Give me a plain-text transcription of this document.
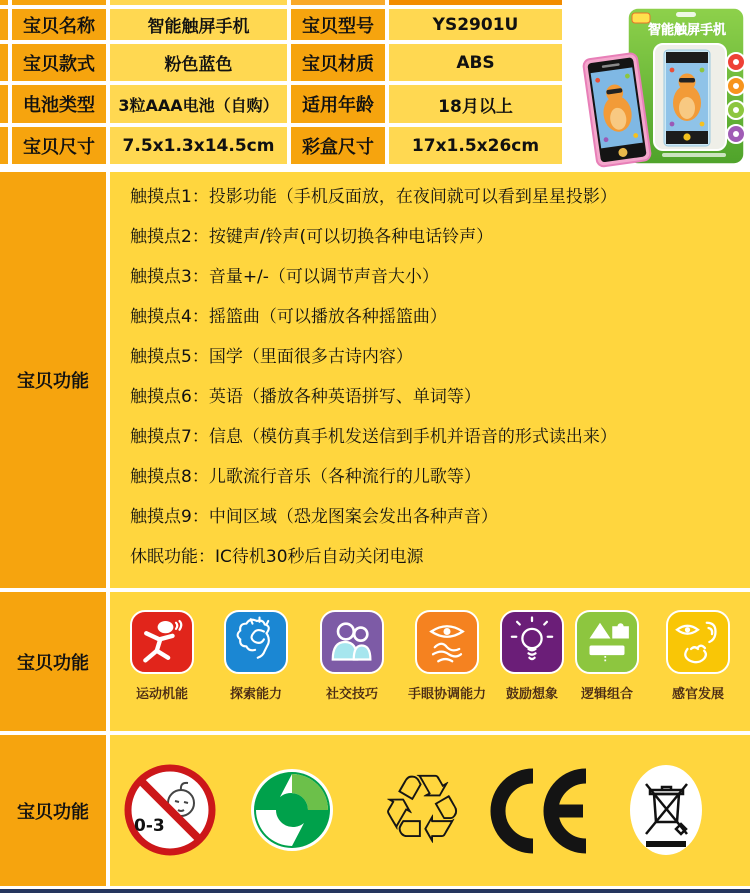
宝贝名称	智能触屏手机	宝贝型号	YS2901U
宝贝款式	粉色蓝色	宝贝材质	ABS
电池类型	3粒AAA电池（自购）	适用年龄	18月以上
宝贝尺寸	7.5x1.3x14.5cm	彩盒尺寸	17x1.5x26cm
智能触屏手机
宝贝功能
触摸点1：投影功能（手机反面放，在夜间就可以看到星星投影）
触摸点2：按键声/铃声(可以切换各种电话铃声）
触摸点3：音量+/-（可以调节声音大小）
触摸点4：摇篮曲（可以播放各种摇篮曲）
触摸点5：国学（里面很多古诗内容）
触摸点6：英语（播放各种英语拼写、单词等）
触摸点7：信息（模仿真手机发送信到手机并语音的形式读出来）
触摸点8：儿歌流行音乐（各种流行的儿歌等）
触摸点9：中间区域（恐龙图案会发出各种声音）
休眠功能：IC待机30秒后自动关闭电源
宝贝功能
运动机能	探索能力	社交技巧	手眼协调能力	鼓励想象	逻辑组合	感官发展
宝贝功能
0-3 ♲
